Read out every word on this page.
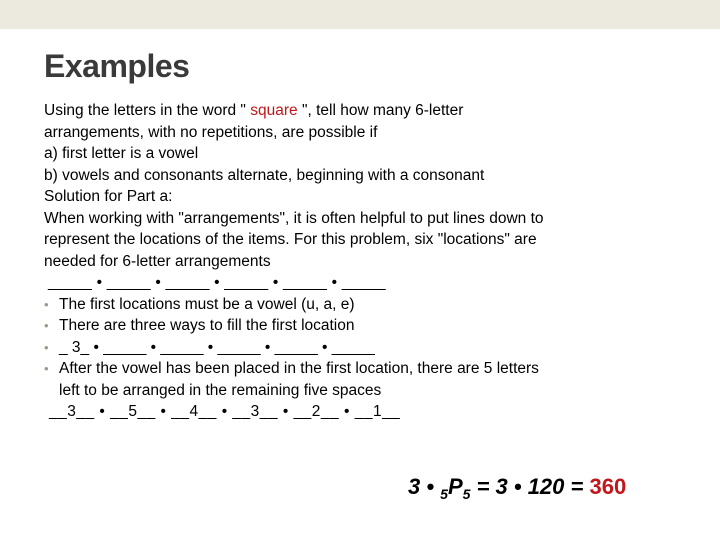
Examples
Using the letters in the word " square ", tell how many 6-letter
arrangements, with no repetitions, are possible if
a) first letter is a vowel
b) vowels and consonants alternate, beginning with a consonant
Solution for Part a:
When working with "arrangements", it is often helpful to put lines down to
represent the locations of the items. For this problem, six "locations" are
needed for 6-letter arrangements
_____ • _____ • _____ • _____ • _____ • _____
• The first locations must be a vowel (u, a, e)
• There are three ways to fill the first location
• _ 3_ • _____ • _____ • _____ • _____ • _____
• After the vowel has been placed in the first location, there are 5 letters
left to be arranged in the remaining five spaces
__3__ • __5__ • __4__ • __3__ • __2__ • __1__
3 • $_5P_5 = 3$ • 120 = 360
